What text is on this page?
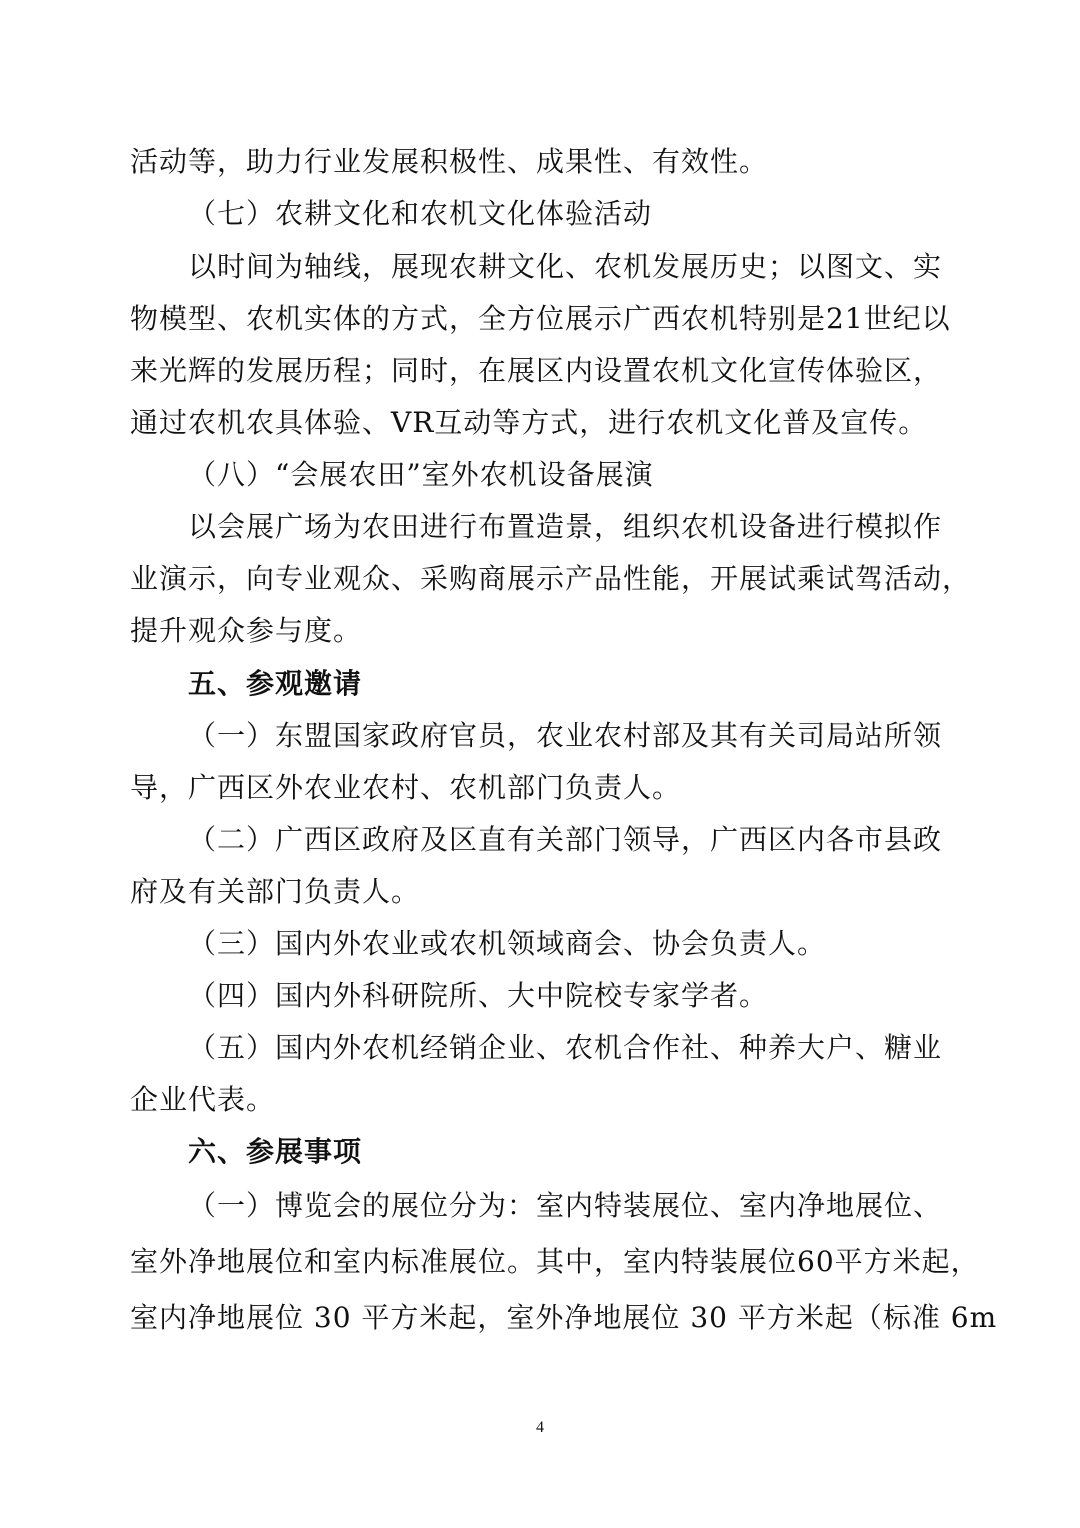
活动等，助力行业发展积极性、成果性、有效性。
（七）农耕文化和农机文化体验活动
以时间为轴线，展现农耕文化、农机发展历史；以图文、实
物模型、农机实体的方式，全方位展示广西农机特别是21世纪以
来光辉的发展历程；同时，在展区内设置农机文化宣传体验区，
通过农机农具体验、VR互动等方式，进行农机文化普及宣传。
（八）“会展农田”室外农机设备展演
以会展广场为农田进行布置造景，组织农机设备进行模拟作
业演示，向专业观众、采购商展示产品性能，开展试乘试驾活动，
提升观众参与度。
五、参观邀请
（一）东盟国家政府官员，农业农村部及其有关司局站所领
导，广西区外农业农村、农机部门负责人。
（二）广西区政府及区直有关部门领导，广西区内各市县政
府及有关部门负责人。
（三）国内外农业或农机领域商会、协会负责人。
（四）国内外科研院所、大中院校专家学者。
（五）国内外农机经销企业、农机合作社、种养大户、糖业
企业代表。
六、参展事项
（一）博览会的展位分为：室内特装展位、室内净地展位、
室外净地展位和室内标准展位。其中，室内特装展位60平方米起，
室内净地展位 30 平方米起，室外净地展位 30 平方米起（标准 6m
4
